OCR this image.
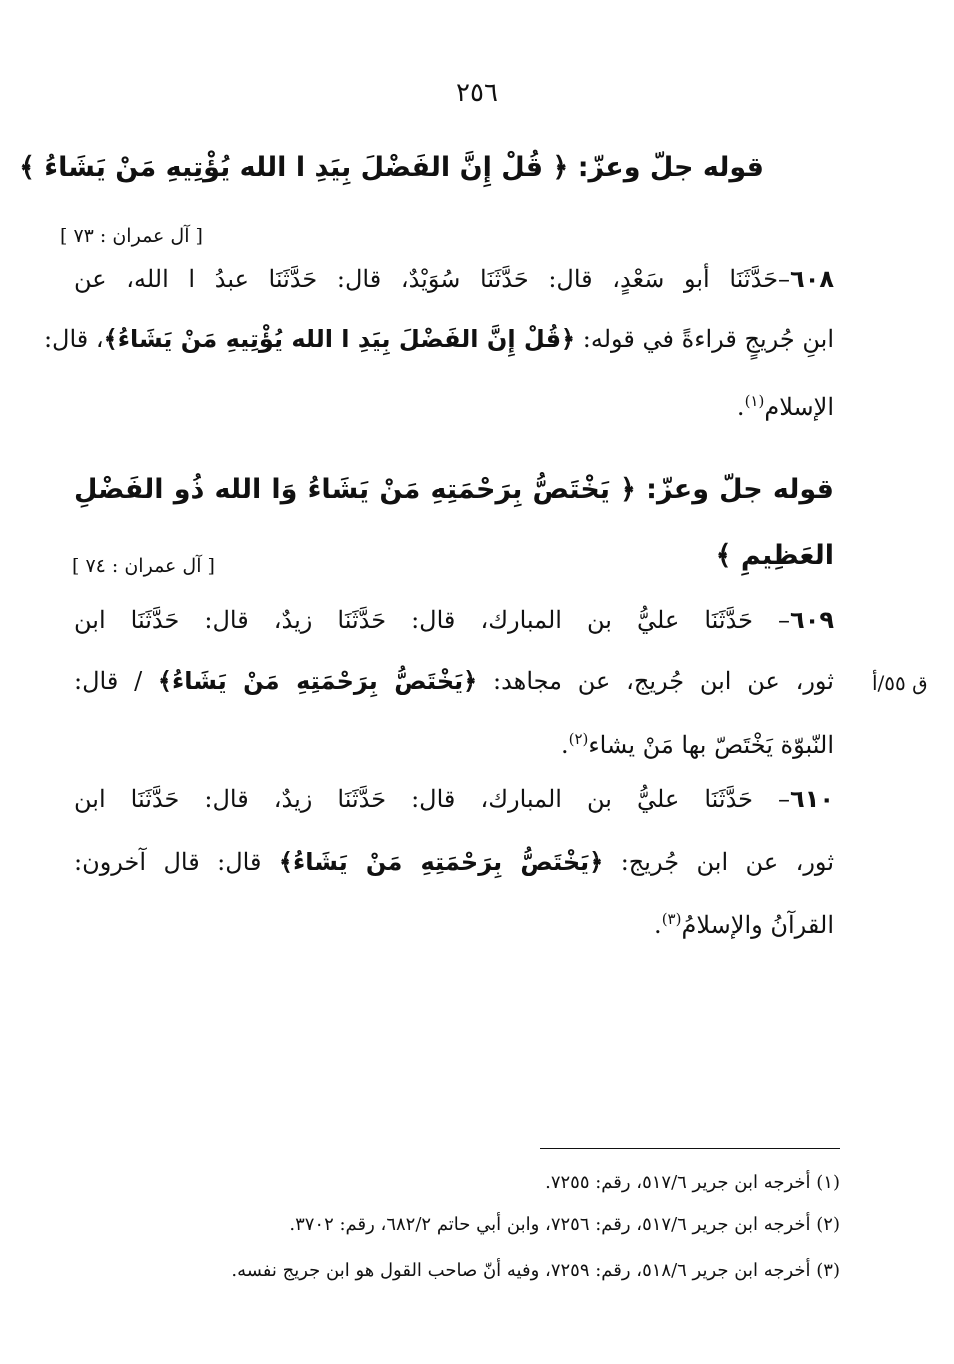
٢٥٦
قوله جلّ وعزّ: ﴿ قُلْ إِنَّ الفَضْلَ بِيَدِ ا الله يُؤْتِيهِ مَنْ يَشَاءُ ﴾
[ آل عمران : ٧٣ ]
٦٠٨–حَدَّثَنَا أبو سَعْدٍ، قال: حَدَّثَنَا سُوَيْدٌ، قال: حَدَّثَنَا عبدُ ا الله، عن
ابنِ جُريجٍ قراءةً في قوله: ﴿قُلْ إِنَّ الفَضْلَ بِيَدِ ا الله يُؤْتِيهِ مَنْ يَشَاءُ﴾، قال:
الإسلام$^{(١)}$.
قوله جلّ وعزّ: ﴿ يَخْتَصُّ بِرَحْمَتِهِ مَنْ يَشَاءُ وَا الله ذُو الفَضْلِ
العَظِيمِ ﴾
[ آل عمران : ٧٤ ]
٦٠٩– حَدَّثَنَا عليُّ بن المبارك، قال: حَدَّثَنَا زيدٌ، قال: حَدَّثَنَا ابن
ثور، عن ابن جُريج، عن مجاهد: ﴿يَخْتَصُّ بِرَحْمَتِهِ مَنْ يَشَاءُ﴾ / قال:
النّبوّة يَخْتَصّ بها مَنْ يشاء$^{(٢)}$.
ق ٥٥/أ
٦١٠– حَدَّثَنَا عليُّ بن المبارك، قال: حَدَّثَنَا زيدٌ، قال: حَدَّثَنَا ابن
ثور، عن ابن جُريج: ﴿يَخْتَصُّ بِرَحْمَتِهِ مَنْ يَشَاءُ﴾ قال: قال آخرون:
القرآنُ والإسلامُ$^{(٣)}$.
(١) أخرجه ابن جرير ٥١٧/٦، رقم: ٧٢٥٥.
(٢) أخرجه ابن جرير ٥١٧/٦، رقم: ٧٢٥٦، وابن أبي حاتم ٦٨٢/٢، رقم: ٣٧٠٢.
(٣) أخرجه ابن جرير ٥١٨/٦، رقم: ٧٢٥٩، وفيه أنّ صاحب القول هو ابن جريج نفسه.
